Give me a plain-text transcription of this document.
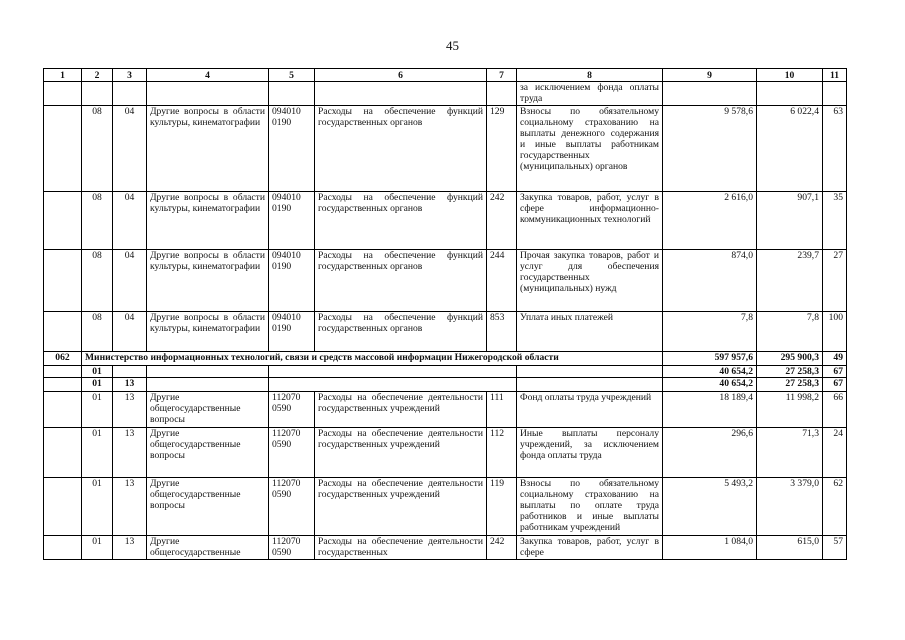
45
1	2	3	4	5	6	7	8	9	10	11
							за исключением фонда оплаты труда			
	08	04	Другие вопросы в области культуры, кинематографии	094010 0190	Расходы на обеспечение функций государственных органов	129	Взносы по обязательному социальному страхованию на выплаты денежного содержания и иные выплаты работникам государственных (муниципальных) органов	9 578,6	6 022,4	63
	08	04	Другие вопросы в области культуры, кинематографии	094010 0190	Расходы на обеспечение функций государственных органов	242	Закупка товаров, работ, услуг в сфере информационно-коммуникационных технологий	2 616,0	907,1	35
	08	04	Другие вопросы в области культуры, кинематографии	094010 0190	Расходы на обеспечение функций государственных органов	244	Прочая закупка товаров, работ и услуг для обеспечения государственных (муниципальных) нужд	874,0	239,7	27
	08	04	Другие вопросы в области культуры, кинематографии	094010 0190	Расходы на обеспечение функций государственных органов	853	Уплата иных платежей	7,8	7,8	100
062	Министерство информационных технологий, связи и средств массовой информации Нижегородской области							597 957,6	295 900,3	49
	01							40 654,2	27 258,3	67
	01	13						40 654,2	27 258,3	67
	01	13	Другие общегосударственные вопросы	112070 0590	Расходы на обеспечение деятельности государственных учреждений	111	Фонд оплаты труда учреждений	18 189,4	11 998,2	66
	01	13	Другие общегосударственные вопросы	112070 0590	Расходы на обеспечение деятельности государственных учреждений	112	Иные выплаты персоналу учреждений, за исключением фонда оплаты труда	296,6	71,3	24
	01	13	Другие общегосударственные вопросы	112070 0590	Расходы на обеспечение деятельности государственных учреждений	119	Взносы по обязательному социальному страхованию на выплаты по оплате труда работников и иные выплаты работникам учреждений	5 493,2	3 379,0	62
	01	13	Другие общегосударственные	112070 0590	Расходы на обеспечение деятельности государственных	242	Закупка товаров, работ, услуг в сфере	1 084,0	615,0	57
